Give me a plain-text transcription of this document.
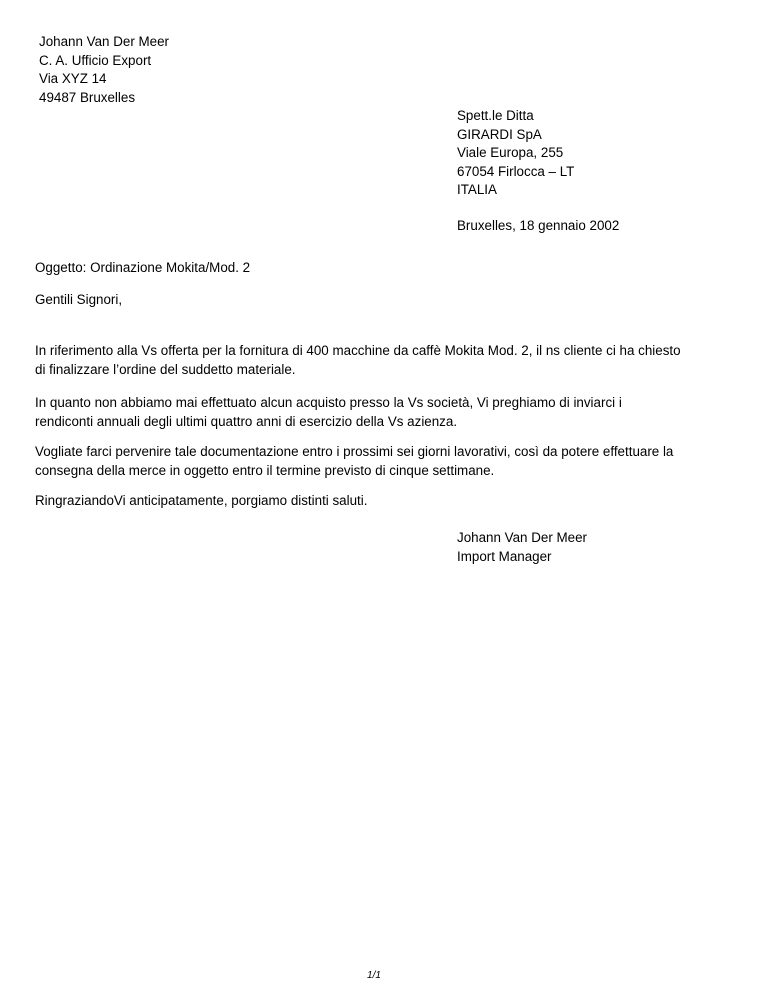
Johann Van Der Meer
C. A. Ufficio Export
Via XYZ 14
49487 Bruxelles
Spett.le Ditta
GIRARDI SpA
Viale Europa, 255
67054 Firlocca – LT
ITALIA
Bruxelles, 18 gennaio 2002
Oggetto: Ordinazione Mokita/Mod. 2
Gentili Signori,
In riferimento alla Vs offerta per la fornitura di 400 macchine da caffè Mokita Mod. 2, il ns cliente ci ha chiesto
di finalizzare l’ordine del suddetto materiale.
In quanto non abbiamo mai effettuato alcun acquisto presso la Vs società, Vi preghiamo di inviarci i
rendiconti annuali degli ultimi quattro anni di esercizio della Vs azienza.
Vogliate farci pervenire tale documentazione entro i prossimi sei giorni lavorativi, così da potere effettuare la
consegna della merce in oggetto entro il termine previsto di cinque settimane.
RingraziandoVi anticipatamente, porgiamo distinti saluti.
Johann Van Der Meer
Import Manager
1/1
